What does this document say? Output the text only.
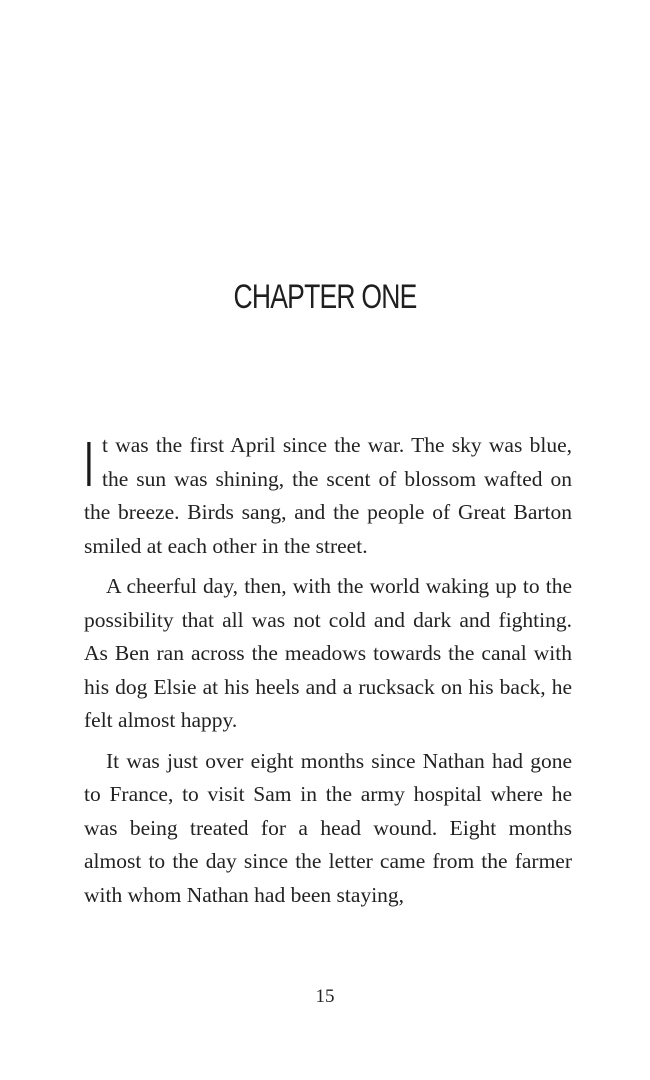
CHAPTER ONE

It was the first April since the war. The sky was blue, the sun was shining, the scent of blossom wafted on the breeze. Birds sang, and the people of Great Barton smiled at each other in the street.

A cheerful day, then, with the world waking up to the possibility that all was not cold and dark and fighting. As Ben ran across the meadows towards the canal with his dog Elsie at his heels and a rucksack on his back, he felt almost happy.

It was just over eight months since Nathan had gone to France, to visit Sam in the army hospital where he was being treated for a head wound. Eight months almost to the day since the letter came from the farmer with whom Nathan had been staying,

15
